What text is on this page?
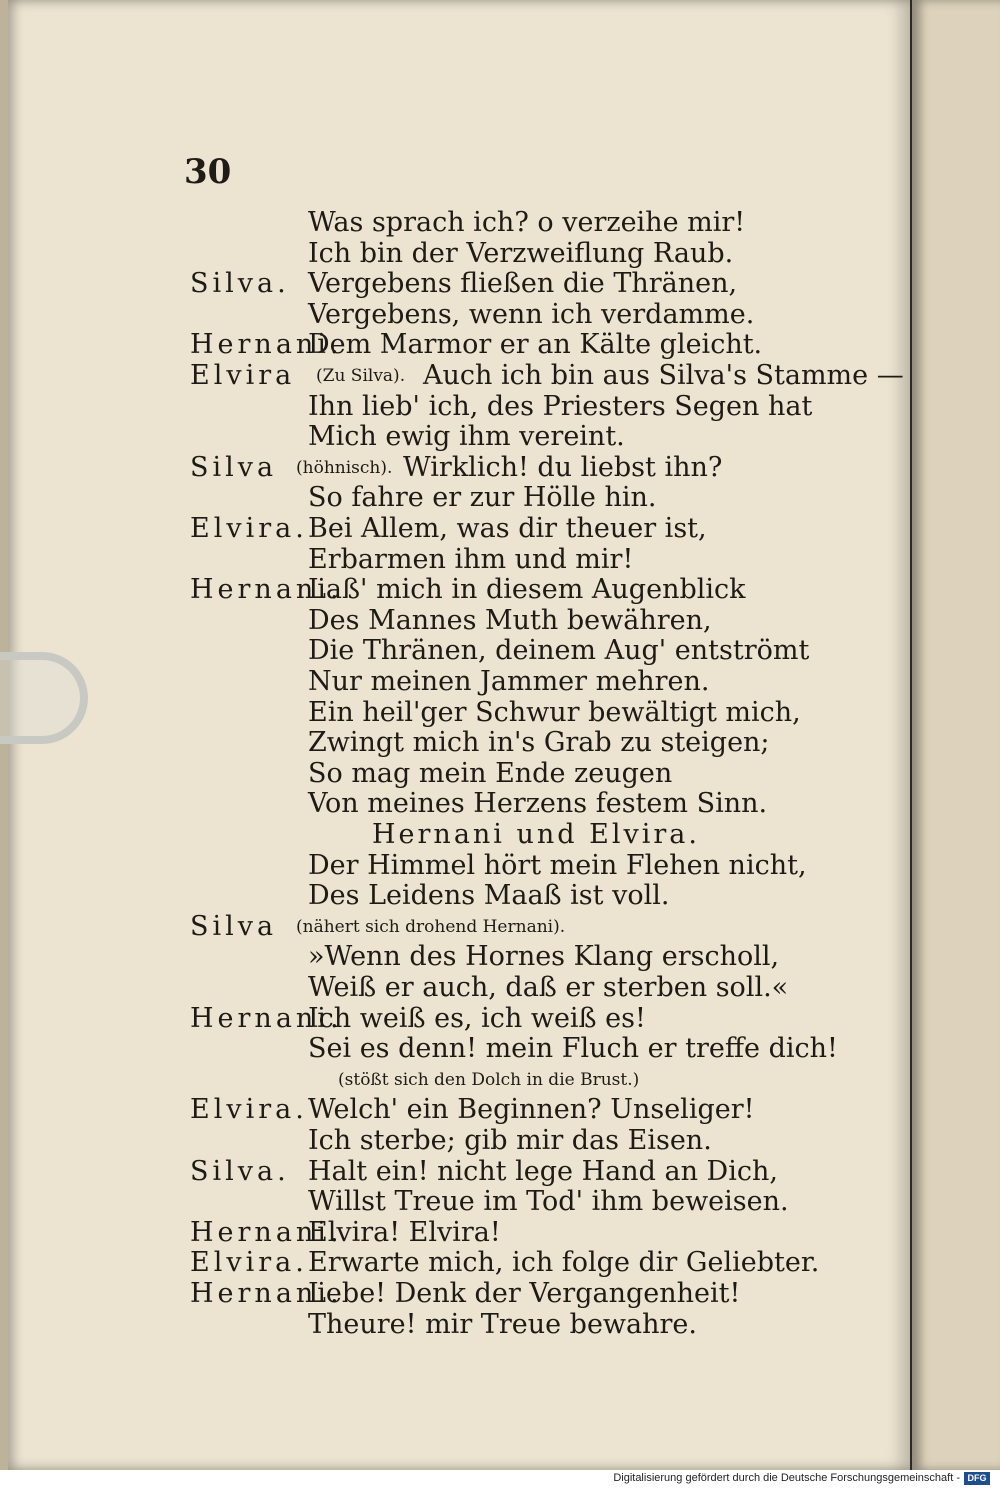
30
Was sprach ich? o verzeihe mir!
Ich bin der Verzweiflung Raub.
Silva. Vergebens fließen die Thränen,
Vergebens, wenn ich verdamme.
Hernani.
Dem Marmor er an Kälte gleicht.
Elvira (Zu Silva). Auch ich bin aus Silva's Stamme —
Ihn lieb' ich, des Priesters Segen hat
Mich ewig ihm vereint.
Silva (höhnisch). Wirklich! du liebst ihn?
So fahre er zur Hölle hin.
Elvira. Bei Allem, was dir theuer ist,
Erbarmen ihm und mir!
Hernani.
Laß' mich in diesem Augenblick
Des Mannes Muth bewähren,
Die Thränen, deinem Aug' entströmt
Nur meinen Jammer mehren.
Ein heil'ger Schwur bewältigt mich,
Zwingt mich in's Grab zu steigen;
So mag mein Ende zeugen
Von meines Herzens festem Sinn.
Hernani und Elvira.
Der Himmel hört mein Flehen nicht,
Des Leidens Maaß ist voll.
Silva (nähert sich drohend Hernani).
»Wenn des Hornes Klang erscholl,
Weiß er auch, daß er sterben soll.«
Hernani.
Ich weiß es, ich weiß es!
Sei es denn! mein Fluch er treffe dich!
(stößt sich den Dolch in die Brust.)
Elvira. Welch' ein Beginnen? Unseliger!
Ich sterbe; gib mir das Eisen.
Silva. Halt ein! nicht lege Hand an Dich,
Willst Treue im Tod' ihm beweisen.
Hernani.
Elvira! Elvira!
Elvira. Erwarte mich, ich folge dir Geliebter.
Hernani.
Lebe! Denk der Vergangenheit!
Theure! mir Treue bewahre.
Digitalisierung gefördert durch die Deutsche Forschungsgemeinschaft - DFG
